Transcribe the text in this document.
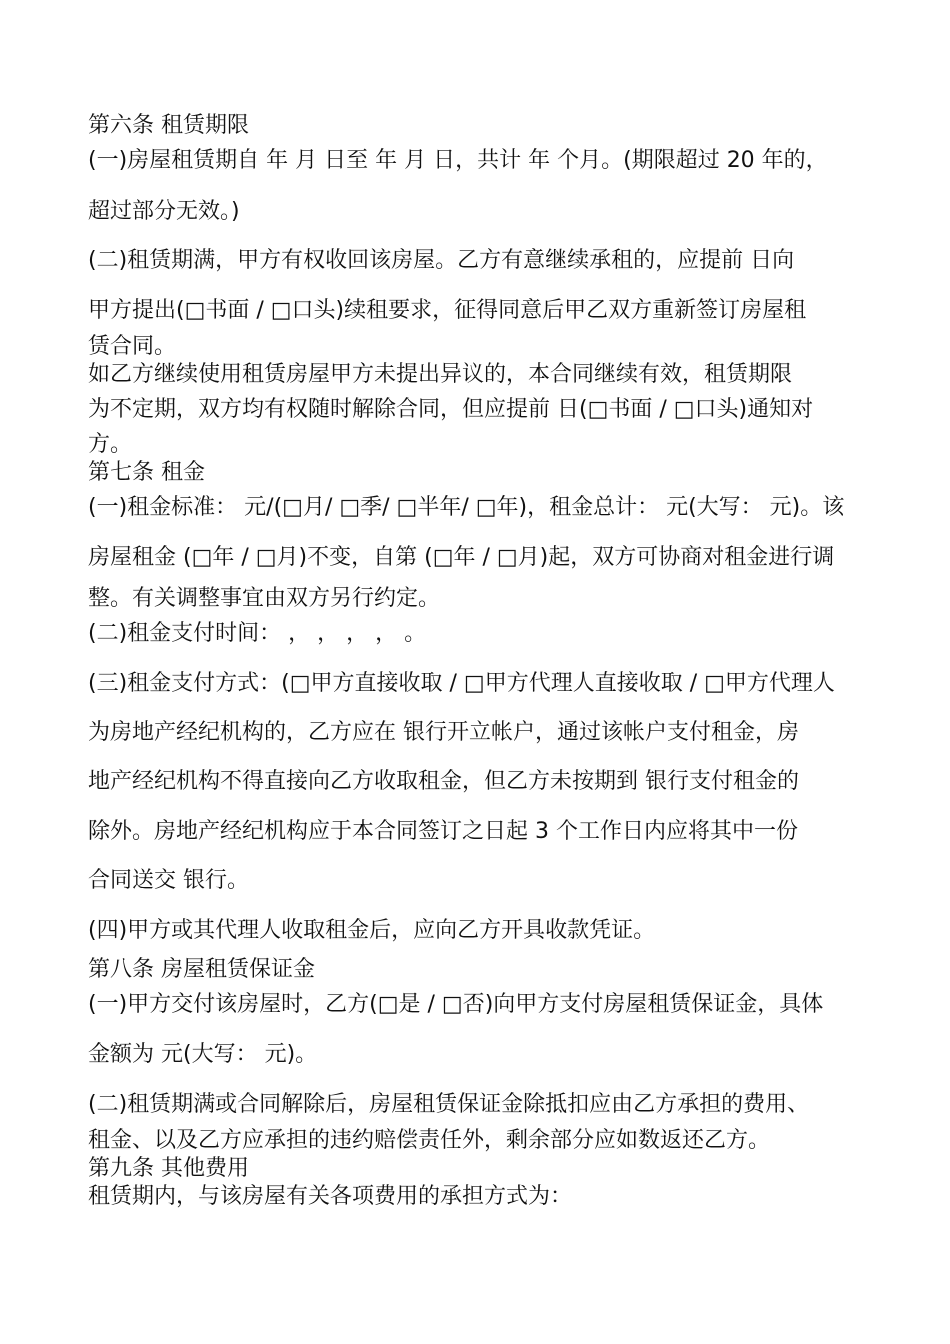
第六条 租赁期限
(一)房屋租赁期自 年 月 日至 年 月 日，共计 年 个月。(期限超过 20 年的，
超过部分无效。)
(二)租赁期满，甲方有权收回该房屋。乙方有意继续承租的，应提前 日向
甲方提出(□书面 / □口头)续租要求，征得同意后甲乙双方重新签订房屋租
赁合同。
如乙方继续使用租赁房屋甲方未提出异议的，本合同继续有效，租赁期限
为不定期，双方均有权随时解除合同，但应提前 日(□书面 / □口头)通知对
方。
第七条 租金
(一)租金标准： 元/(□月/ □季/ □半年/ □年)，租金总计： 元(大写： 元)。该
房屋租金 (□年 / □月)不变，自第 (□年 / □月)起，双方可协商对租金进行调
整。有关调整事宜由双方另行约定。
(二)租金支付时间： ， ， ， ， 。
(三)租金支付方式：(□甲方直接收取 / □甲方代理人直接收取 / □甲方代理人
为房地产经纪机构的，乙方应在 银行开立帐户，通过该帐户支付租金，房
地产经纪机构不得直接向乙方收取租金，但乙方未按期到 银行支付租金的
除外。房地产经纪机构应于本合同签订之日起 3 个工作日内应将其中一份
合同送交 银行。
(四)甲方或其代理人收取租金后，应向乙方开具收款凭证。
第八条 房屋租赁保证金
(一)甲方交付该房屋时，乙方(□是 / □否)向甲方支付房屋租赁保证金，具体
金额为 元(大写： 元)。
(二)租赁期满或合同解除后，房屋租赁保证金除抵扣应由乙方承担的费用、
租金、以及乙方应承担的违约赔偿责任外，剩余部分应如数返还乙方。
第九条 其他费用
租赁期内，与该房屋有关各项费用的承担方式为：
